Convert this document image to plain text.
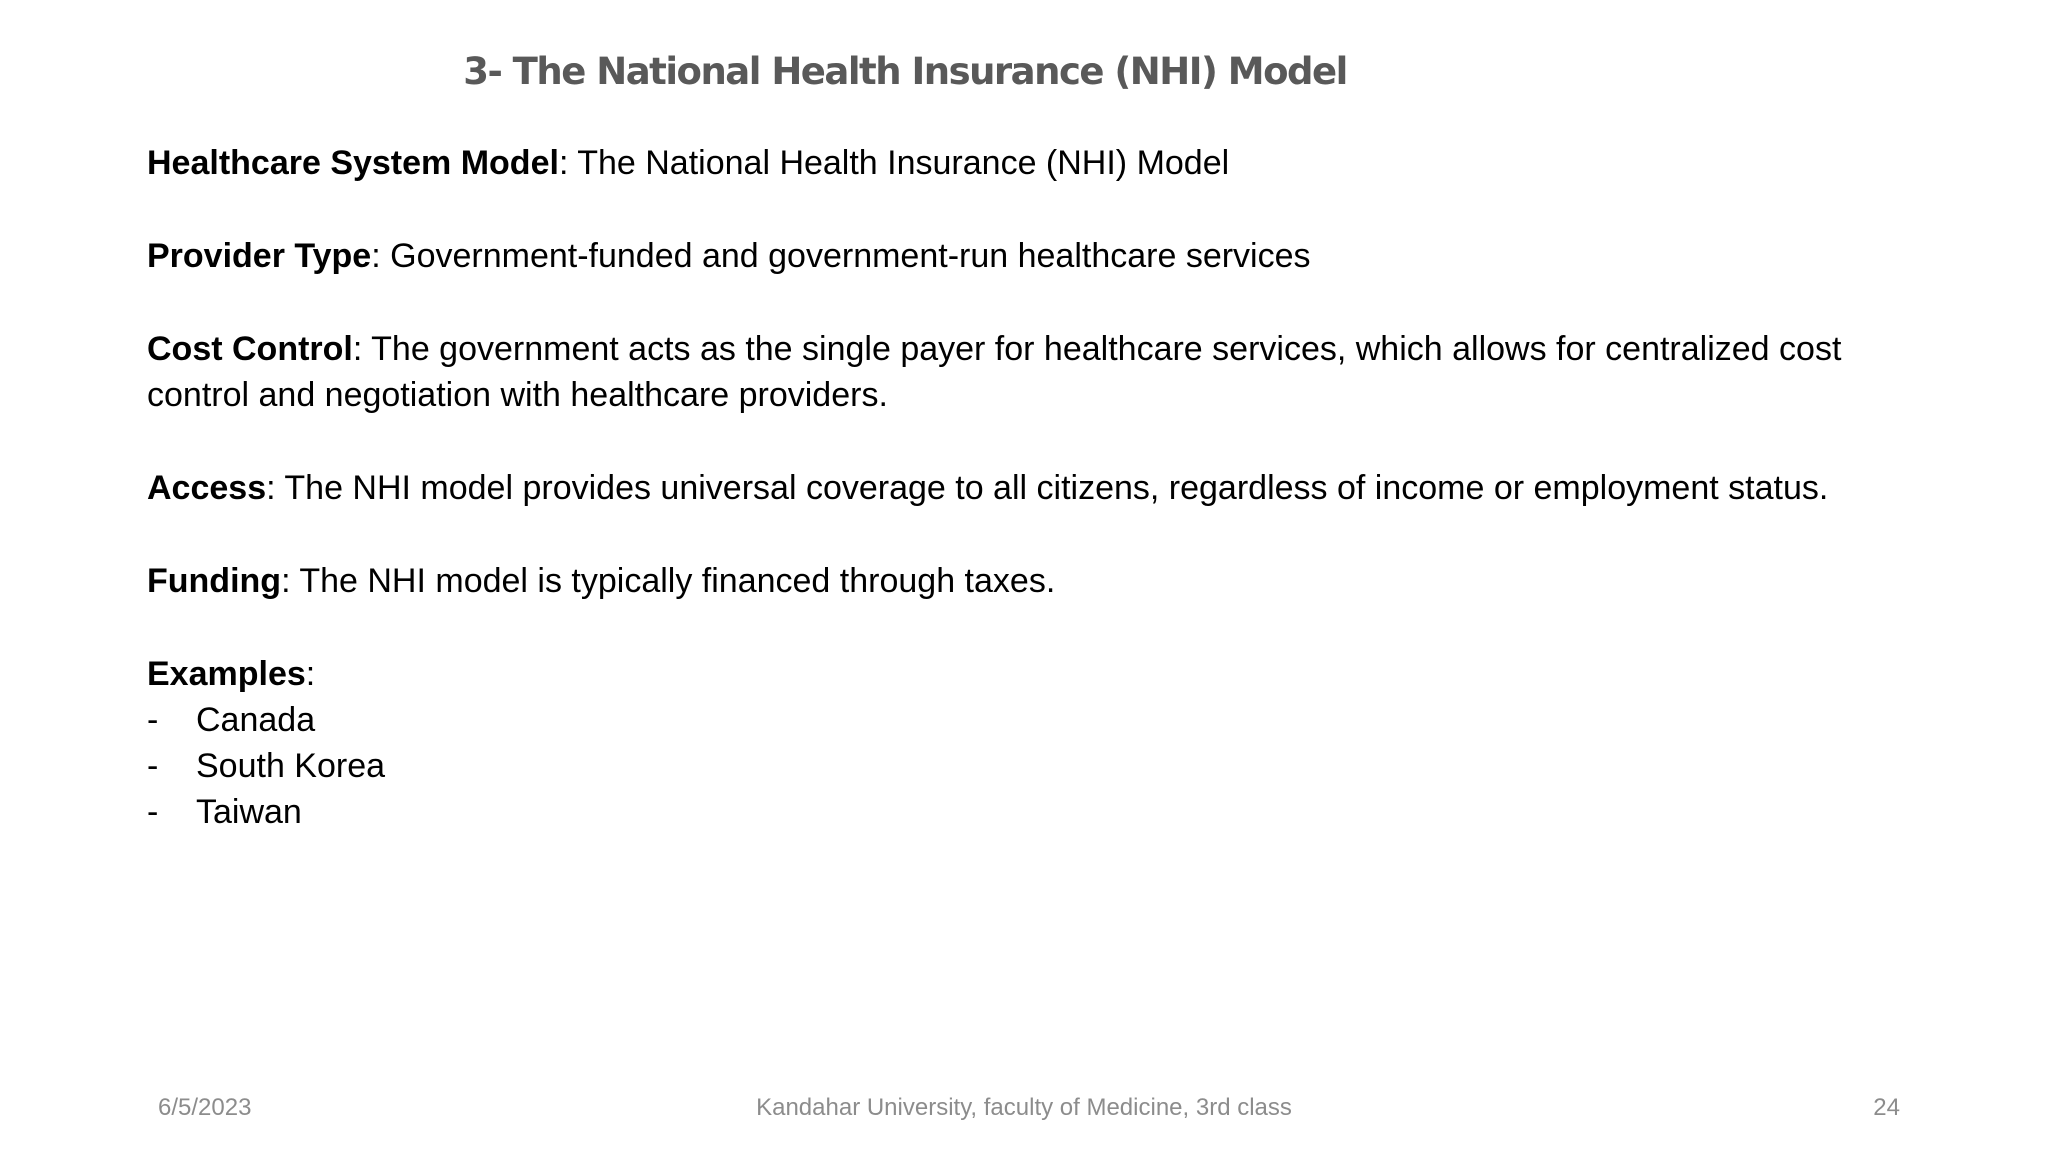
3- The National Health Insurance (NHI) Model

Healthcare System Model: The National Health Insurance (NHI) Model

Provider Type: Government-funded and government-run healthcare services

Cost Control: The government acts as the single payer for healthcare services, which allows for centralized cost control and negotiation with healthcare providers.

Access: The NHI model provides universal coverage to all citizens, regardless of income or employment status.

Funding: The NHI model is typically financed through taxes.

Examples:
- Canada
- South Korea
- Taiwan
6/5/2023	Kandahar University, faculty of Medicine, 3rd class	24
